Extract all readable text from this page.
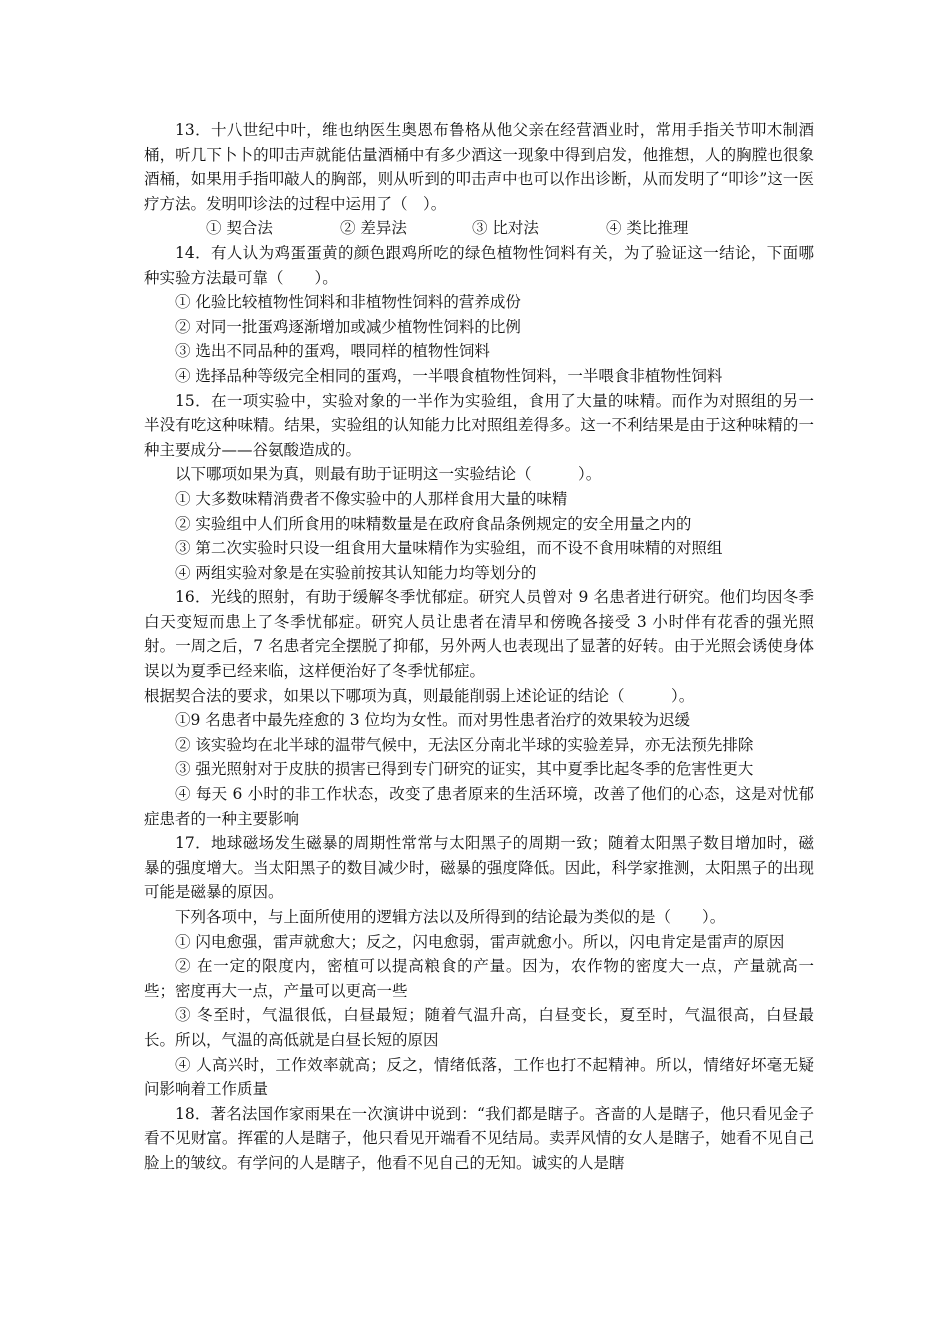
13．十八世纪中叶，维也纳医生奥恩布鲁格从他父亲在经营酒业时，常用手指关节叩木制酒桶，听几下卜卜的叩击声就能估量酒桶中有多少酒这一现象中得到启发，他推想，人的胸膛也很象酒桶，如果用手指叩敲人的胸部，则从听到的叩击声中也可以作出诊断，从而发明了“叩诊”这一医疗方法。发明叩诊法的过程中运用了（　）。

① 契合法	② 差异法	③ 比对法	④ 类比推理

14．有人认为鸡蛋蛋黄的颜色跟鸡所吃的绿色植物性饲料有关，为了验证这一结论，下面哪种实验方法最可靠（　　）。

① 化验比较植物性饲料和非植物性饲料的营养成份

② 对同一批蛋鸡逐渐增加或减少植物性饲料的比例

③ 选出不同品种的蛋鸡，喂同样的植物性饲料

④ 选择品种等级完全相同的蛋鸡，一半喂食植物性饲料，一半喂食非植物性饲料

15．在一项实验中，实验对象的一半作为实验组，食用了大量的味精。而作为对照组的另一半没有吃这种味精。结果，实验组的认知能力比对照组差得多。这一不利结果是由于这种味精的一种主要成分——谷氨酸造成的。

以下哪项如果为真，则最有助于证明这一实验结论（　　　）。

① 大多数味精消费者不像实验中的人那样食用大量的味精

② 实验组中人们所食用的味精数量是在政府食品条例规定的安全用量之内的

③ 第二次实验时只设一组食用大量味精作为实验组，而不设不食用味精的对照组

④ 两组实验对象是在实验前按其认知能力均等划分的

16．光线的照射，有助于缓解冬季忧郁症。研究人员曾对 9 名患者进行研究。他们均因冬季白天变短而患上了冬季忧郁症。研究人员让患者在清早和傍晚各接受 3 小时伴有花香的强光照射。一周之后，7 名患者完全摆脱了抑郁，另外两人也表现出了显著的好转。由于光照会诱使身体误以为夏季已经来临，这样便治好了冬季忧郁症。

根据契合法的要求，如果以下哪项为真，则最能削弱上述论证的结论（　　　）。

①9 名患者中最先痊愈的 3 位均为女性。而对男性患者治疗的效果较为迟缓

② 该实验均在北半球的温带气候中，无法区分南北半球的实验差异，亦无法预先排除

③ 强光照射对于皮肤的损害已得到专门研究的证实，其中夏季比起冬季的危害性更大

④ 每天 6 小时的非工作状态，改变了患者原来的生活环境，改善了他们的心态，这是对忧郁症患者的一种主要影响

17．地球磁场发生磁暴的周期性常常与太阳黑子的周期一致；随着太阳黑子数目增加时，磁暴的强度增大。当太阳黑子的数目减少时，磁暴的强度降低。因此，科学家推测，太阳黑子的出现可能是磁暴的原因。

下列各项中，与上面所使用的逻辑方法以及所得到的结论最为类似的是（　　）。

① 闪电愈强，雷声就愈大；反之，闪电愈弱，雷声就愈小。所以，闪电肯定是雷声的原因

② 在一定的限度内，密植可以提高粮食的产量。因为，农作物的密度大一点，产量就高一些；密度再大一点，产量可以更高一些

③ 冬至时，气温很低，白昼最短；随着气温升高，白昼变长，夏至时，气温很高，白昼最长。所以，气温的高低就是白昼长短的原因

④ 人高兴时，工作效率就高；反之，情绪低落，工作也打不起精神。所以，情绪好坏毫无疑问影响着工作质量

18．著名法国作家雨果在一次演讲中说到：“我们都是瞎子。吝啬的人是瞎子，他只看见金子看不见财富。挥霍的人是瞎子，他只看见开端看不见结局。卖弄风情的女人是瞎子，她看不见自己脸上的皱纹。有学问的人是瞎子，他看不见自己的无知。诚实的人是瞎
